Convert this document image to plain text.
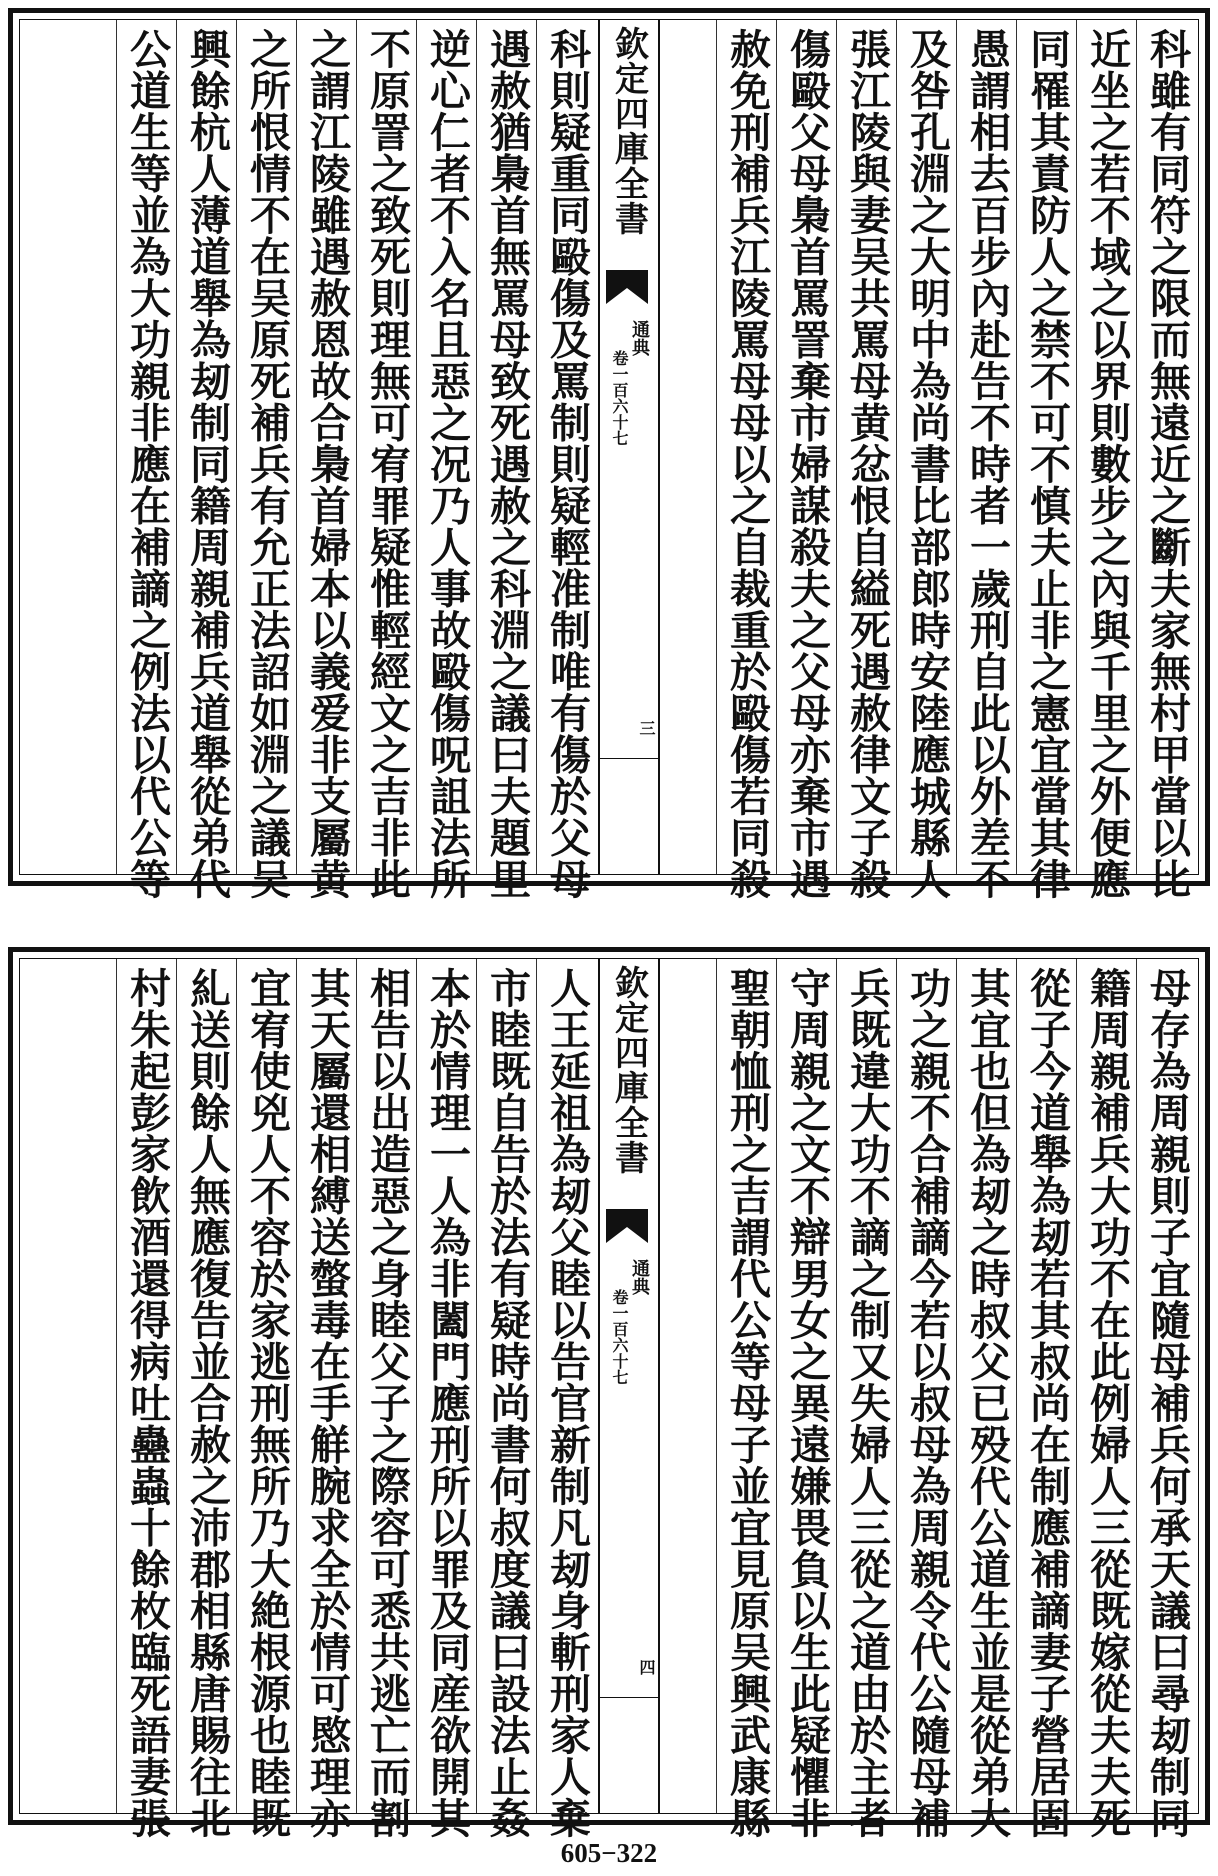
科雖有同符之限而無遠近之斷夫家無村甲當以比
近坐之若不域之以界則數步之內與千里之外便應
同罹其責防人之禁不可不慎夫止非之憲宜當其律
愚謂相去百步內赴告不時者一歲刑自此以外差不
及咎孔淵之大明中為尚書比部郎時安陸應城縣人
張江陵與妻吴共罵母黄忿恨自縊死遇赦律文子殺
傷毆父母梟首罵詈棄市婦謀殺夫之父母亦棄市遇
赦免刑補兵江陵罵母母以之自裁重於毆傷若同殺
欽定四庫全書
通典
卷一百六十七
三
科則疑重同毆傷及罵制則疑輕准制唯有傷於父母
遇赦猶梟首無罵母致死遇赦之科淵之議曰夫題里
逆心仁者不入名且惡之况乃人事故毆傷呪詛法所
不原詈之致死則理無可宥罪疑惟輕經文之吉非此
之謂江陵雖遇赦恩故合梟首婦本以義爱非支屬黄
之所恨情不在吴原死補兵有允正法詔如淵之議吴
興餘杭人薄道舉為刼制同籍周親補兵道舉從弟代
公道生等並為大功親非應在補謫之例法以代公等
母存為周親則子宜隨母補兵何承天議曰尋刼制同
籍周親補兵大功不在此例婦人三從既嫁從夫夫死
從子今道舉為刼若其叔尚在制應補謫妻子營居固
其宜也但為刼之時叔父已殁代公道生並是從弟大
功之親不合補謫今若以叔母為周親令代公隨母補
兵既違大功不謫之制又失婦人三從之道由於主者
守周親之文不辯男女之異遠嫌畏負以生此疑懼非
聖朝恤刑之吉謂代公等母子並宜見原吴興武康縣
欽定四庫全書
通典
卷一百六十七
四
人王延祖為刼父睦以告官新制凡刼身斬刑家人棄
市睦既自告於法有疑時尚書何叔度議曰設法止姦
本於情理一人為非闔門應刑所以罪及同産欲開其
相告以出造惡之身睦父子之際容可悉共逃亡而割
其天屬還相縛送螫毒在手觧腕求全於情可愍理亦
宜宥使兇人不容於家逃刑無所乃大絶根源也睦既
糺送則餘人無應復告並合赦之沛郡相縣唐賜往北
村朱起彭家飲酒還得病吐蠱蟲十餘枚臨死語妻張
605−322
